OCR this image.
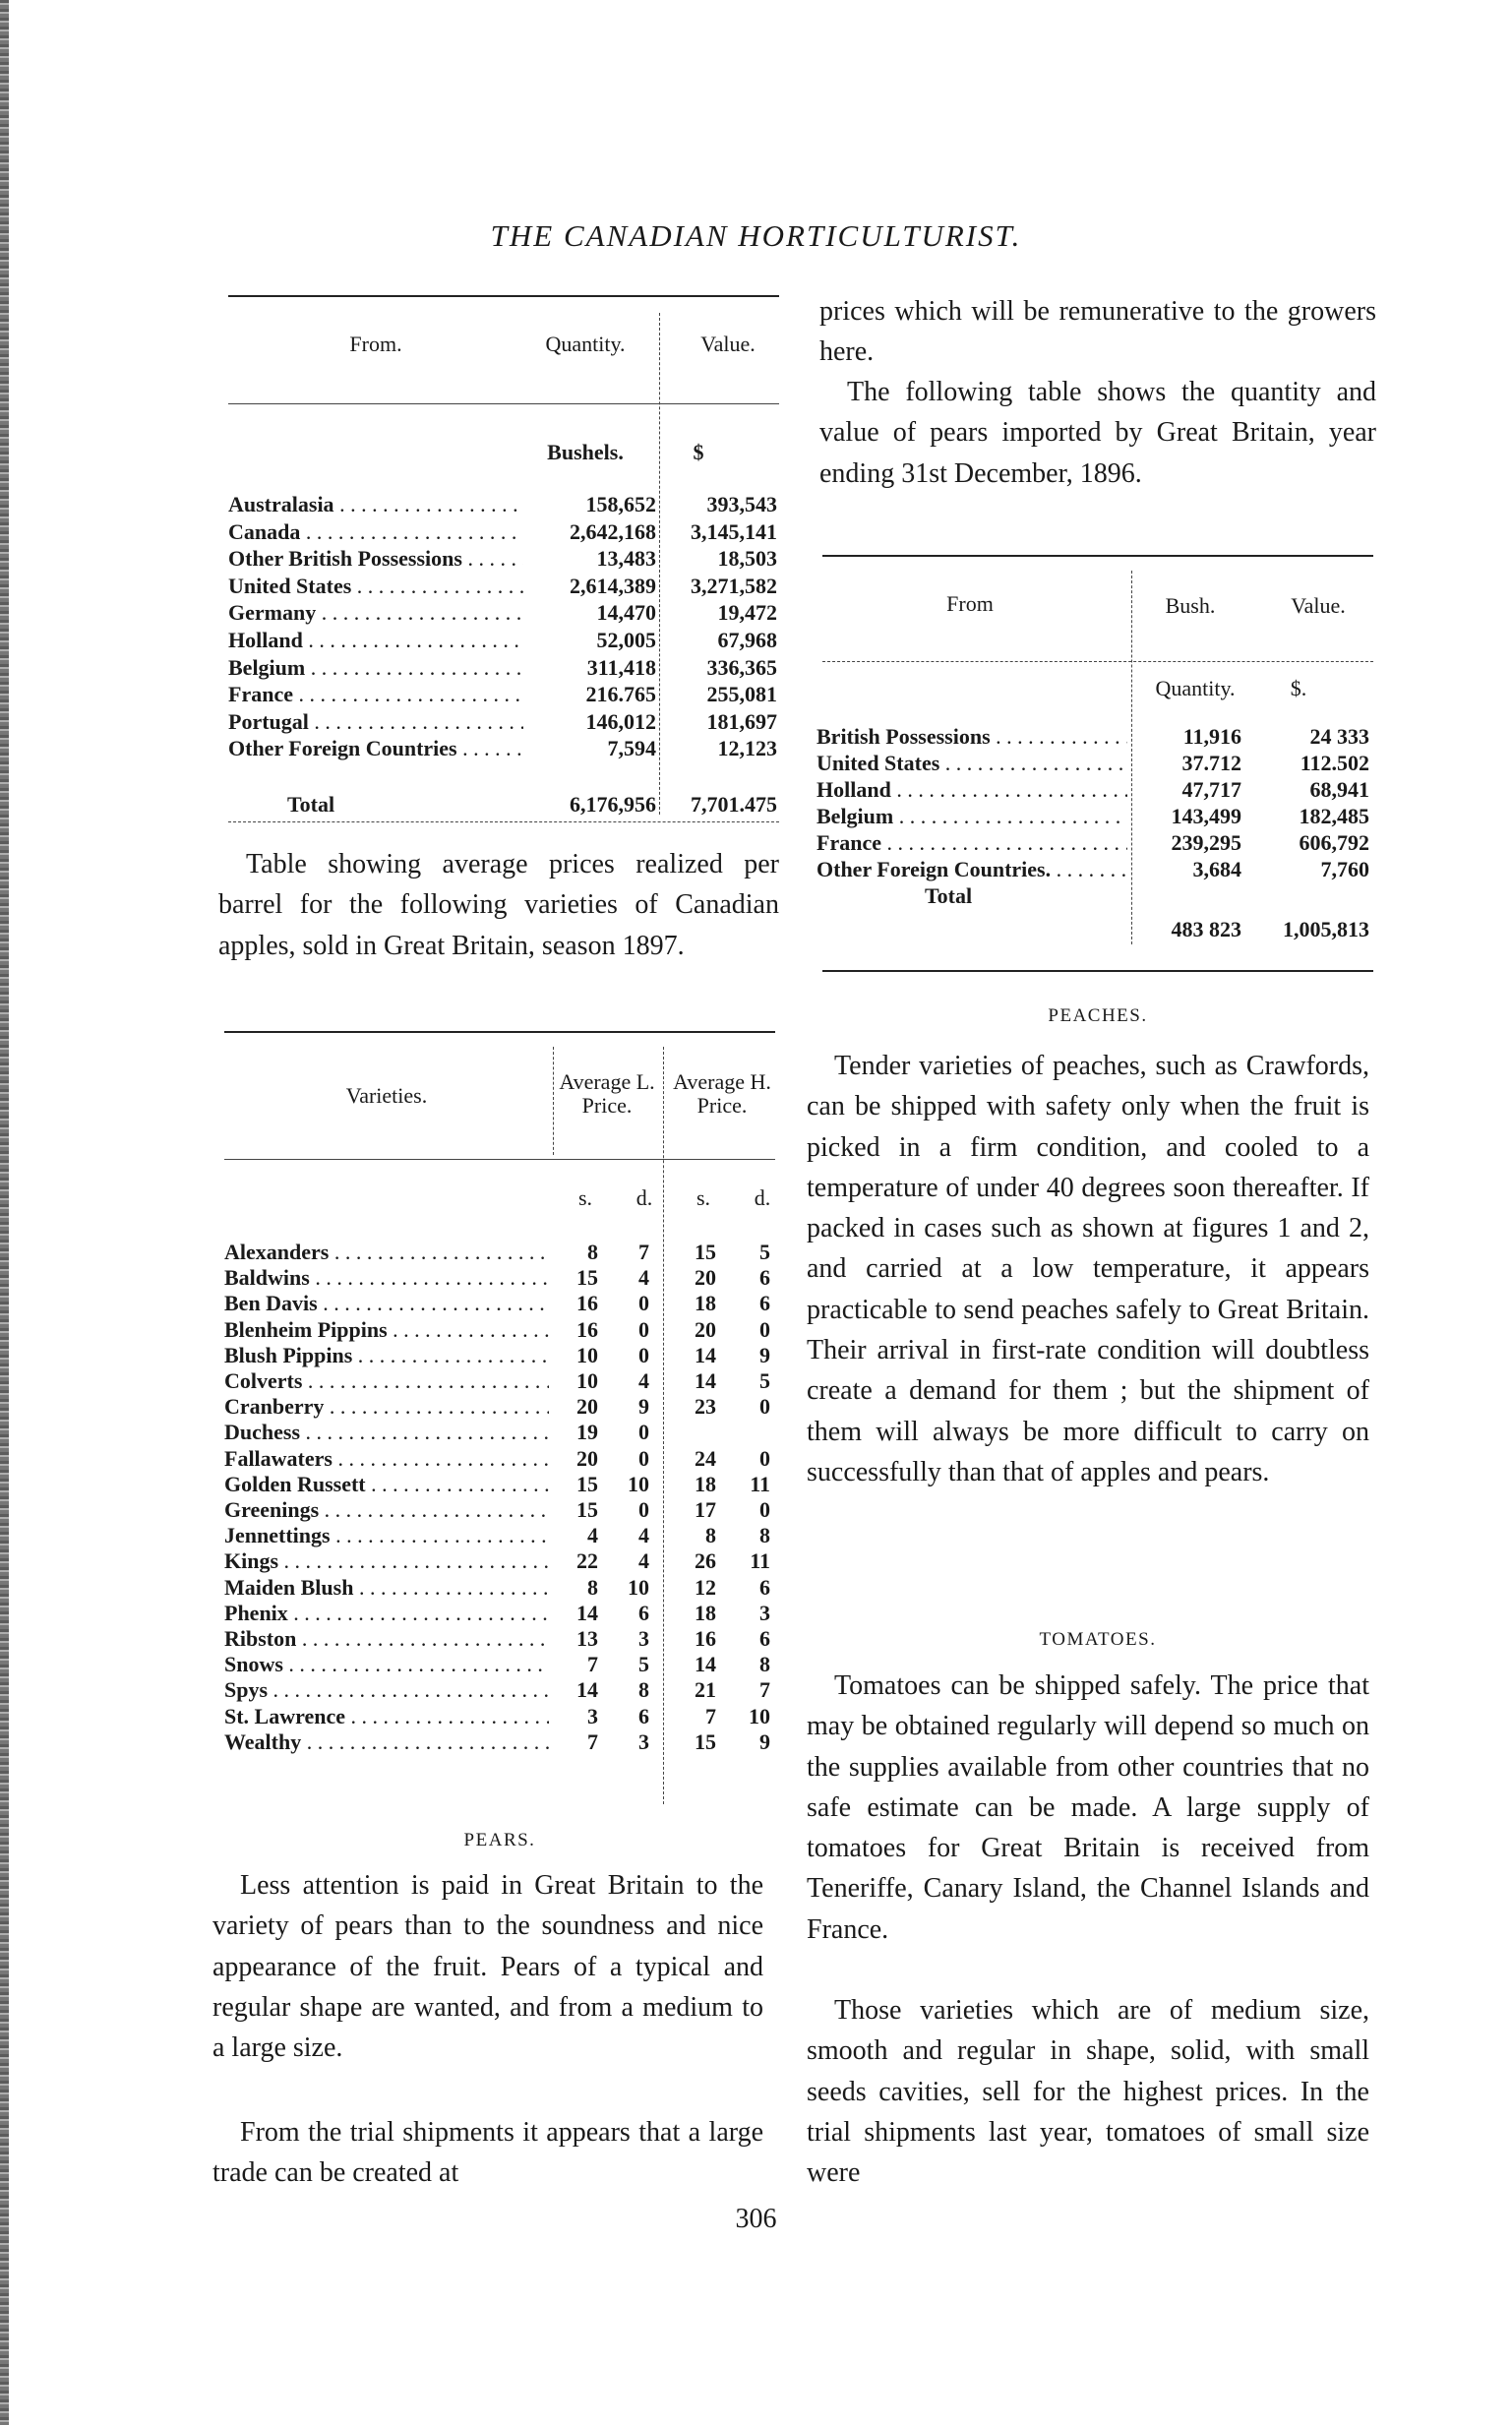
THE CANADIAN HORTICULTURIST.
From.	Quantity.	Value.
Bushels.	$
Australasia . . .	158,652	393,543
Canada . . .	2,642,168	3,145,141
Other British Possessions . . .	13,483	18,503
United States . . .	2,614,389	3,271,582
Germany . . .	14,470	19,472
Holland . . .	52,005	67,968
Belgium . . .	311,418	336,365
France . . .	216.765	255,081
Portugal . . .	146,012	181,697
Other Foreign Countries . . .	7,594	12,123
Total	6,176,956	7,701.475

Table showing average prices realized per barrel for the following varieties of Canadian apples, sold in Great Britain, season 1897.

Varieties.
Average L. Price.
Average H. Price.
s.	d.	s.	d.
Alexanders . . .	8	7	15	5
Baldwins . . .	15	4	20	6
Ben Davis . . .	16	0	18	6
Blenheim Pippins . . .	16	0	20	0
Blush Pippins . . .	10	0	14	9
Colverts . . .	10	4	14	5
Cranberry . . .	20	9	23	0
Duchess . . .	19	0
Fallawaters . . .	20	0	24	0
Golden Russett . . .	15	10	18	11
Greenings . . .	15	0	17	0
Jennettings . . .	4	4	8	8
Kings . . .	22	4	26	11
Maiden Blush . . .	8	10	12	6
Phenix . . .	14	6	18	3
Ribston . . .	13	3	16	6
Snows . . .	7	5	14	8
Spys . . .	14	8	21	7
St. Lawrence . . .	3	6	7	10
Wealthy . . .	7	3	15	9
PEARS.

Less attention is paid in Great Britain to the variety of pears than to the soundness and nice appearance of the fruit. Pears of a typical and regular shape are wanted, and from a medium to a large size.

From the trial shipments it appears that a large trade can be created at

prices which will be remunerative to the growers here.

The following table shows the quantity and value of pears imported by Great Britain, year ending 31st December, 1896.

From	Bush.	Value.
Quantity.	$.
British Possessions . . .	11,916	24 333
United States . . .	37.712	112.502
Holland . . .	47,717	68,941
Belgium . . .	143,499	182,485
France . . .	239,295	606,792
Other Foreign Countries. . . .	3,684	7,760
Total
483 823	1,005,813
PEACHES.

Tender varieties of peaches, such as Crawfords, can be shipped with safety only when the fruit is picked in a firm condition, and cooled to a temperature of under 40 degrees soon thereafter. If packed in cases such as shown at figures 1 and 2, and carried at a low temperature, it appears practicable to send peaches safely to Great Britain. Their arrival in first-rate condition will doubtless create a demand for them ; but the shipment of them will always be more difficult to carry on successfully than that of apples and pears.

TOMATOES.

Tomatoes can be shipped safely. The price that may be obtained regularly will depend so much on the supplies available from other countries that no safe estimate can be made. A large supply of tomatoes for Great Britain is received from Teneriffe, Canary Island, the Channel Islands and France.

Those varieties which are of medium size, smooth and regular in shape, solid, with small seeds cavities, sell for the highest prices. In the trial shipments last year, tomatoes of small size were

306
